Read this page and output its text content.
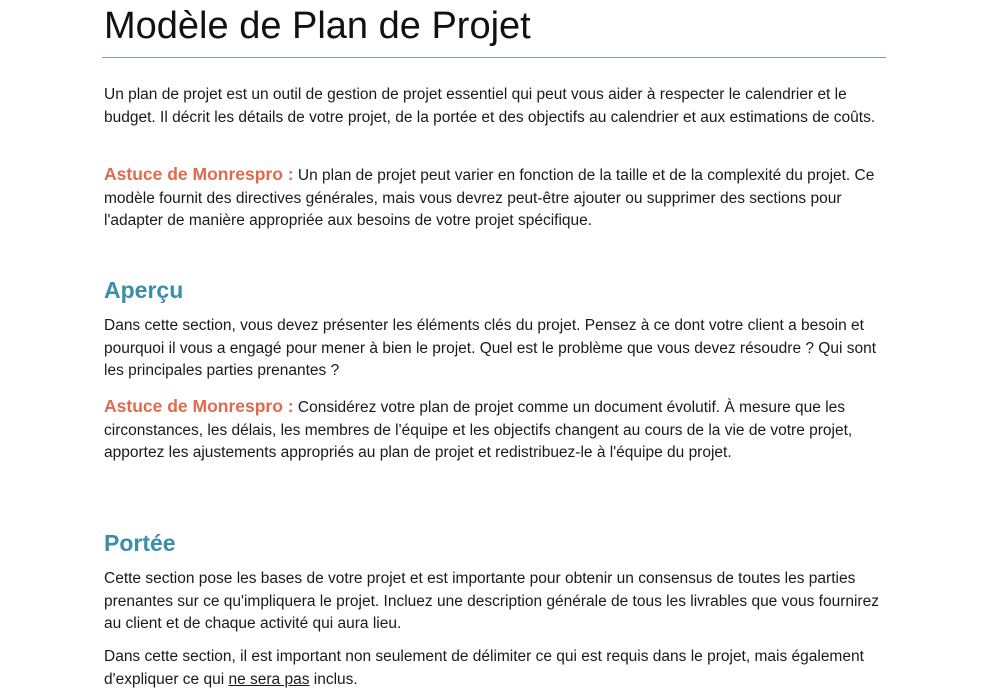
Modèle de Plan de Projet

Un plan de projet est un outil de gestion de projet essentiel qui peut vous aider à respecter le calendrier et le budget. Il décrit les détails de votre projet, de la portée et des objectifs au calendrier et aux estimations de coûts.

Astuce de Monrespro : Un plan de projet peut varier en fonction de la taille et de la complexité du projet. Ce modèle fournit des directives générales, mais vous devrez peut-être ajouter ou supprimer des sections pour l'adapter de manière appropriée aux besoins de votre projet spécifique.

Aperçu

Dans cette section, vous devez présenter les éléments clés du projet. Pensez à ce dont votre client a besoin et pourquoi il vous a engagé pour mener à bien le projet. Quel est le problème que vous devez résoudre ? Qui sont les principales parties prenantes ?

Astuce de Monrespro : Considérez votre plan de projet comme un document évolutif. À mesure que les circonstances, les délais, les membres de l'équipe et les objectifs changent au cours de la vie de votre projet, apportez les ajustements appropriés au plan de projet et redistribuez-le à l'équipe du projet.

Portée

Cette section pose les bases de votre projet et est importante pour obtenir un consensus de toutes les parties prenantes sur ce qu'impliquera le projet. Incluez une description générale de tous les livrables que vous fournirez au client et de chaque activité qui aura lieu.

Dans cette section, il est important non seulement de délimiter ce qui est requis dans le projet, mais également d'expliquer ce qui ne sera pas inclus.
